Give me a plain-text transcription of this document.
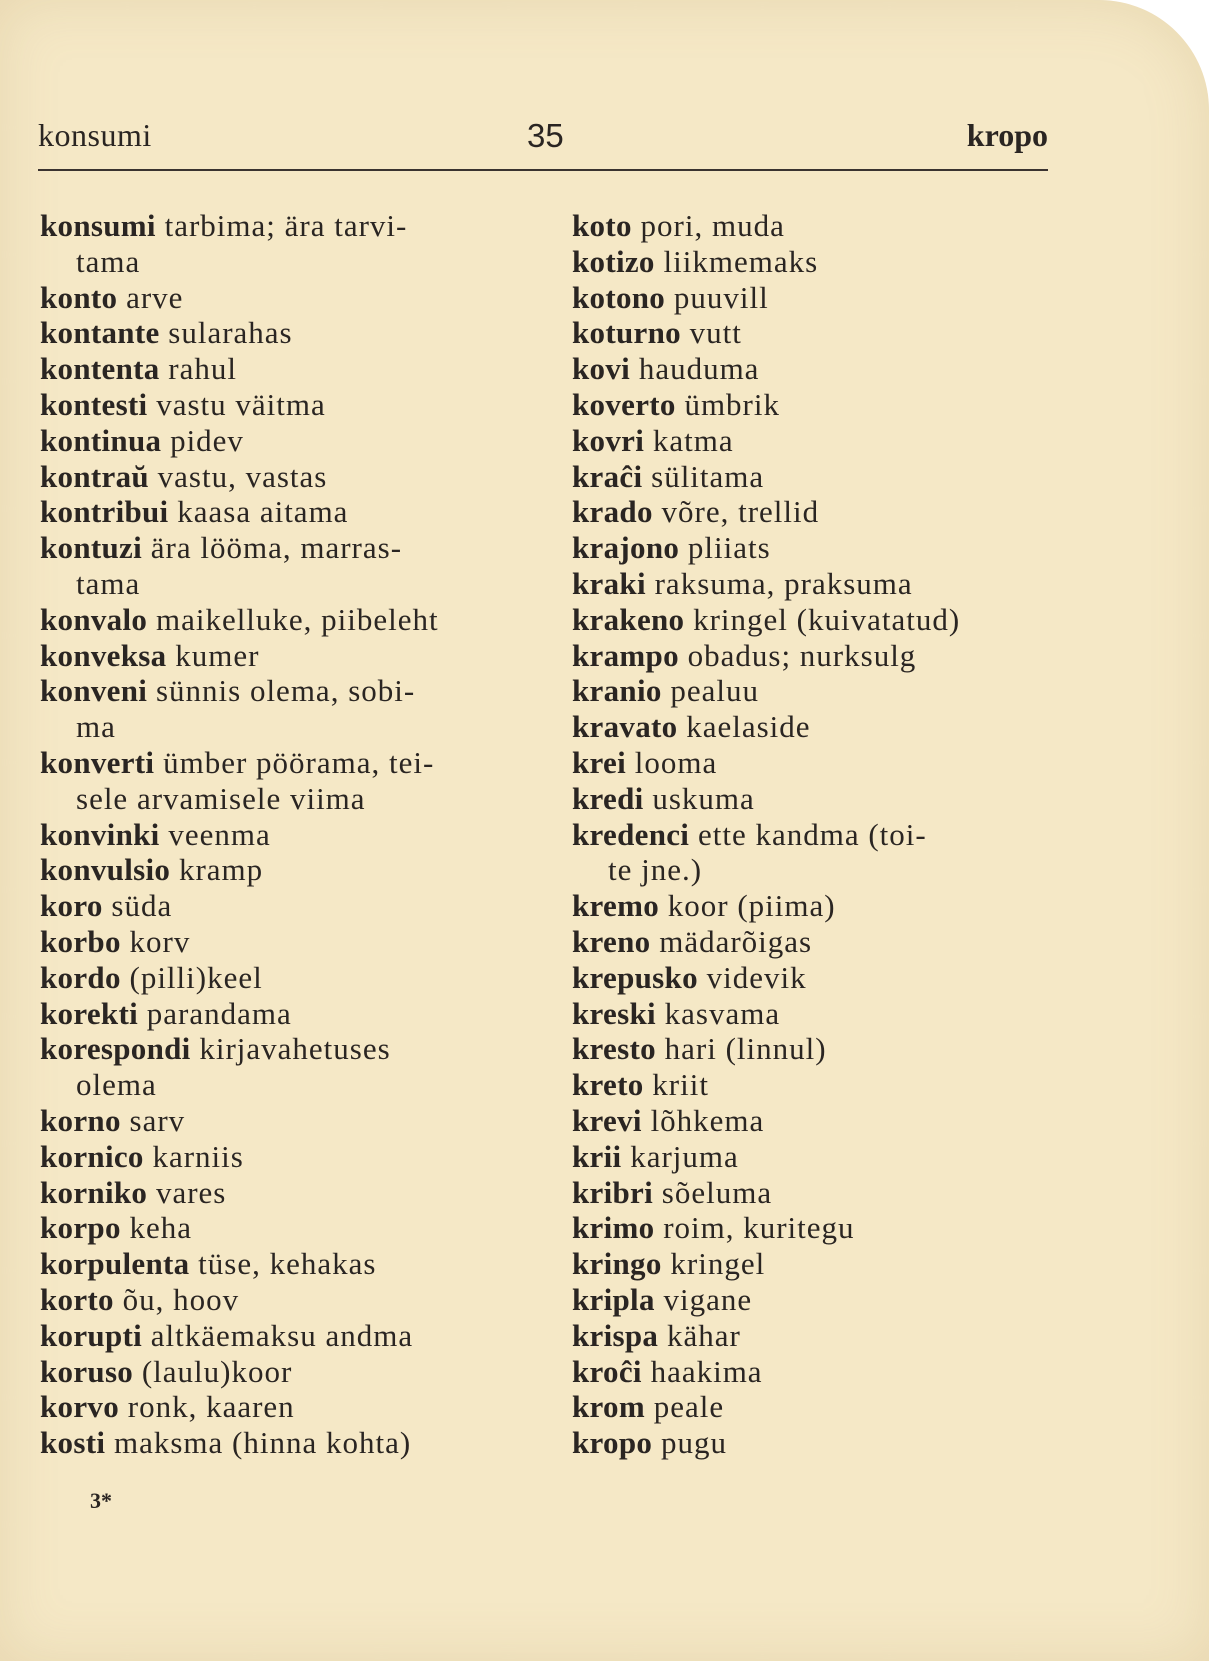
konsumi	35	kropo
konsumi tarbima; ära tarvi-
tama
konto arve
kontante sularahas
kontenta rahul
kontesti vastu väitma
kontinua pidev
kontraŭ vastu, vastas
kontribui kaasa aitama
kontuzi ära lööma, marras-
tama
konvalo maikelluke, piibeleht
konveksa kumer
konveni sünnis olema, sobi-
ma
konverti ümber pöörama, tei-
sele arvamisele viima
konvinki veenma
konvulsio kramp
koro süda
korbo korv
kordo (pilli)keel
korekti parandama
korespondi kirjavahetuses
olema
korno sarv
kornico karniis
korniko vares
korpo keha
korpulenta tüse, kehakas
korto õu, hoov
korupti altkäemaksu andma
koruso (laulu)koor
korvo ronk, kaaren
kosti maksma (hinna kohta)
koto pori, muda
kotizo liikmemaks
kotono puuvill
koturno vutt
kovi hauduma
koverto ümbrik
kovri katma
kraĉi sülitama
krado võre, trellid
krajono pliiats
kraki raksuma, praksuma
krakeno kringel (kuivatatud)
krampo obadus; nurksulg
kranio pealuu
kravato kaelaside
krei looma
kredi uskuma
kredenci ette kandma (toi-
te jne.)
kremo koor (piima)
kreno mädarõigas
krepusko videvik
kreski kasvama
kresto hari (linnul)
kreto kriit
krevi lõhkema
krii karjuma
kribri sõeluma
krimo roim, kuritegu
kringo kringel
kripla vigane
krispa kähar
kroĉi haakima
krom peale
kropo pugu
3*
